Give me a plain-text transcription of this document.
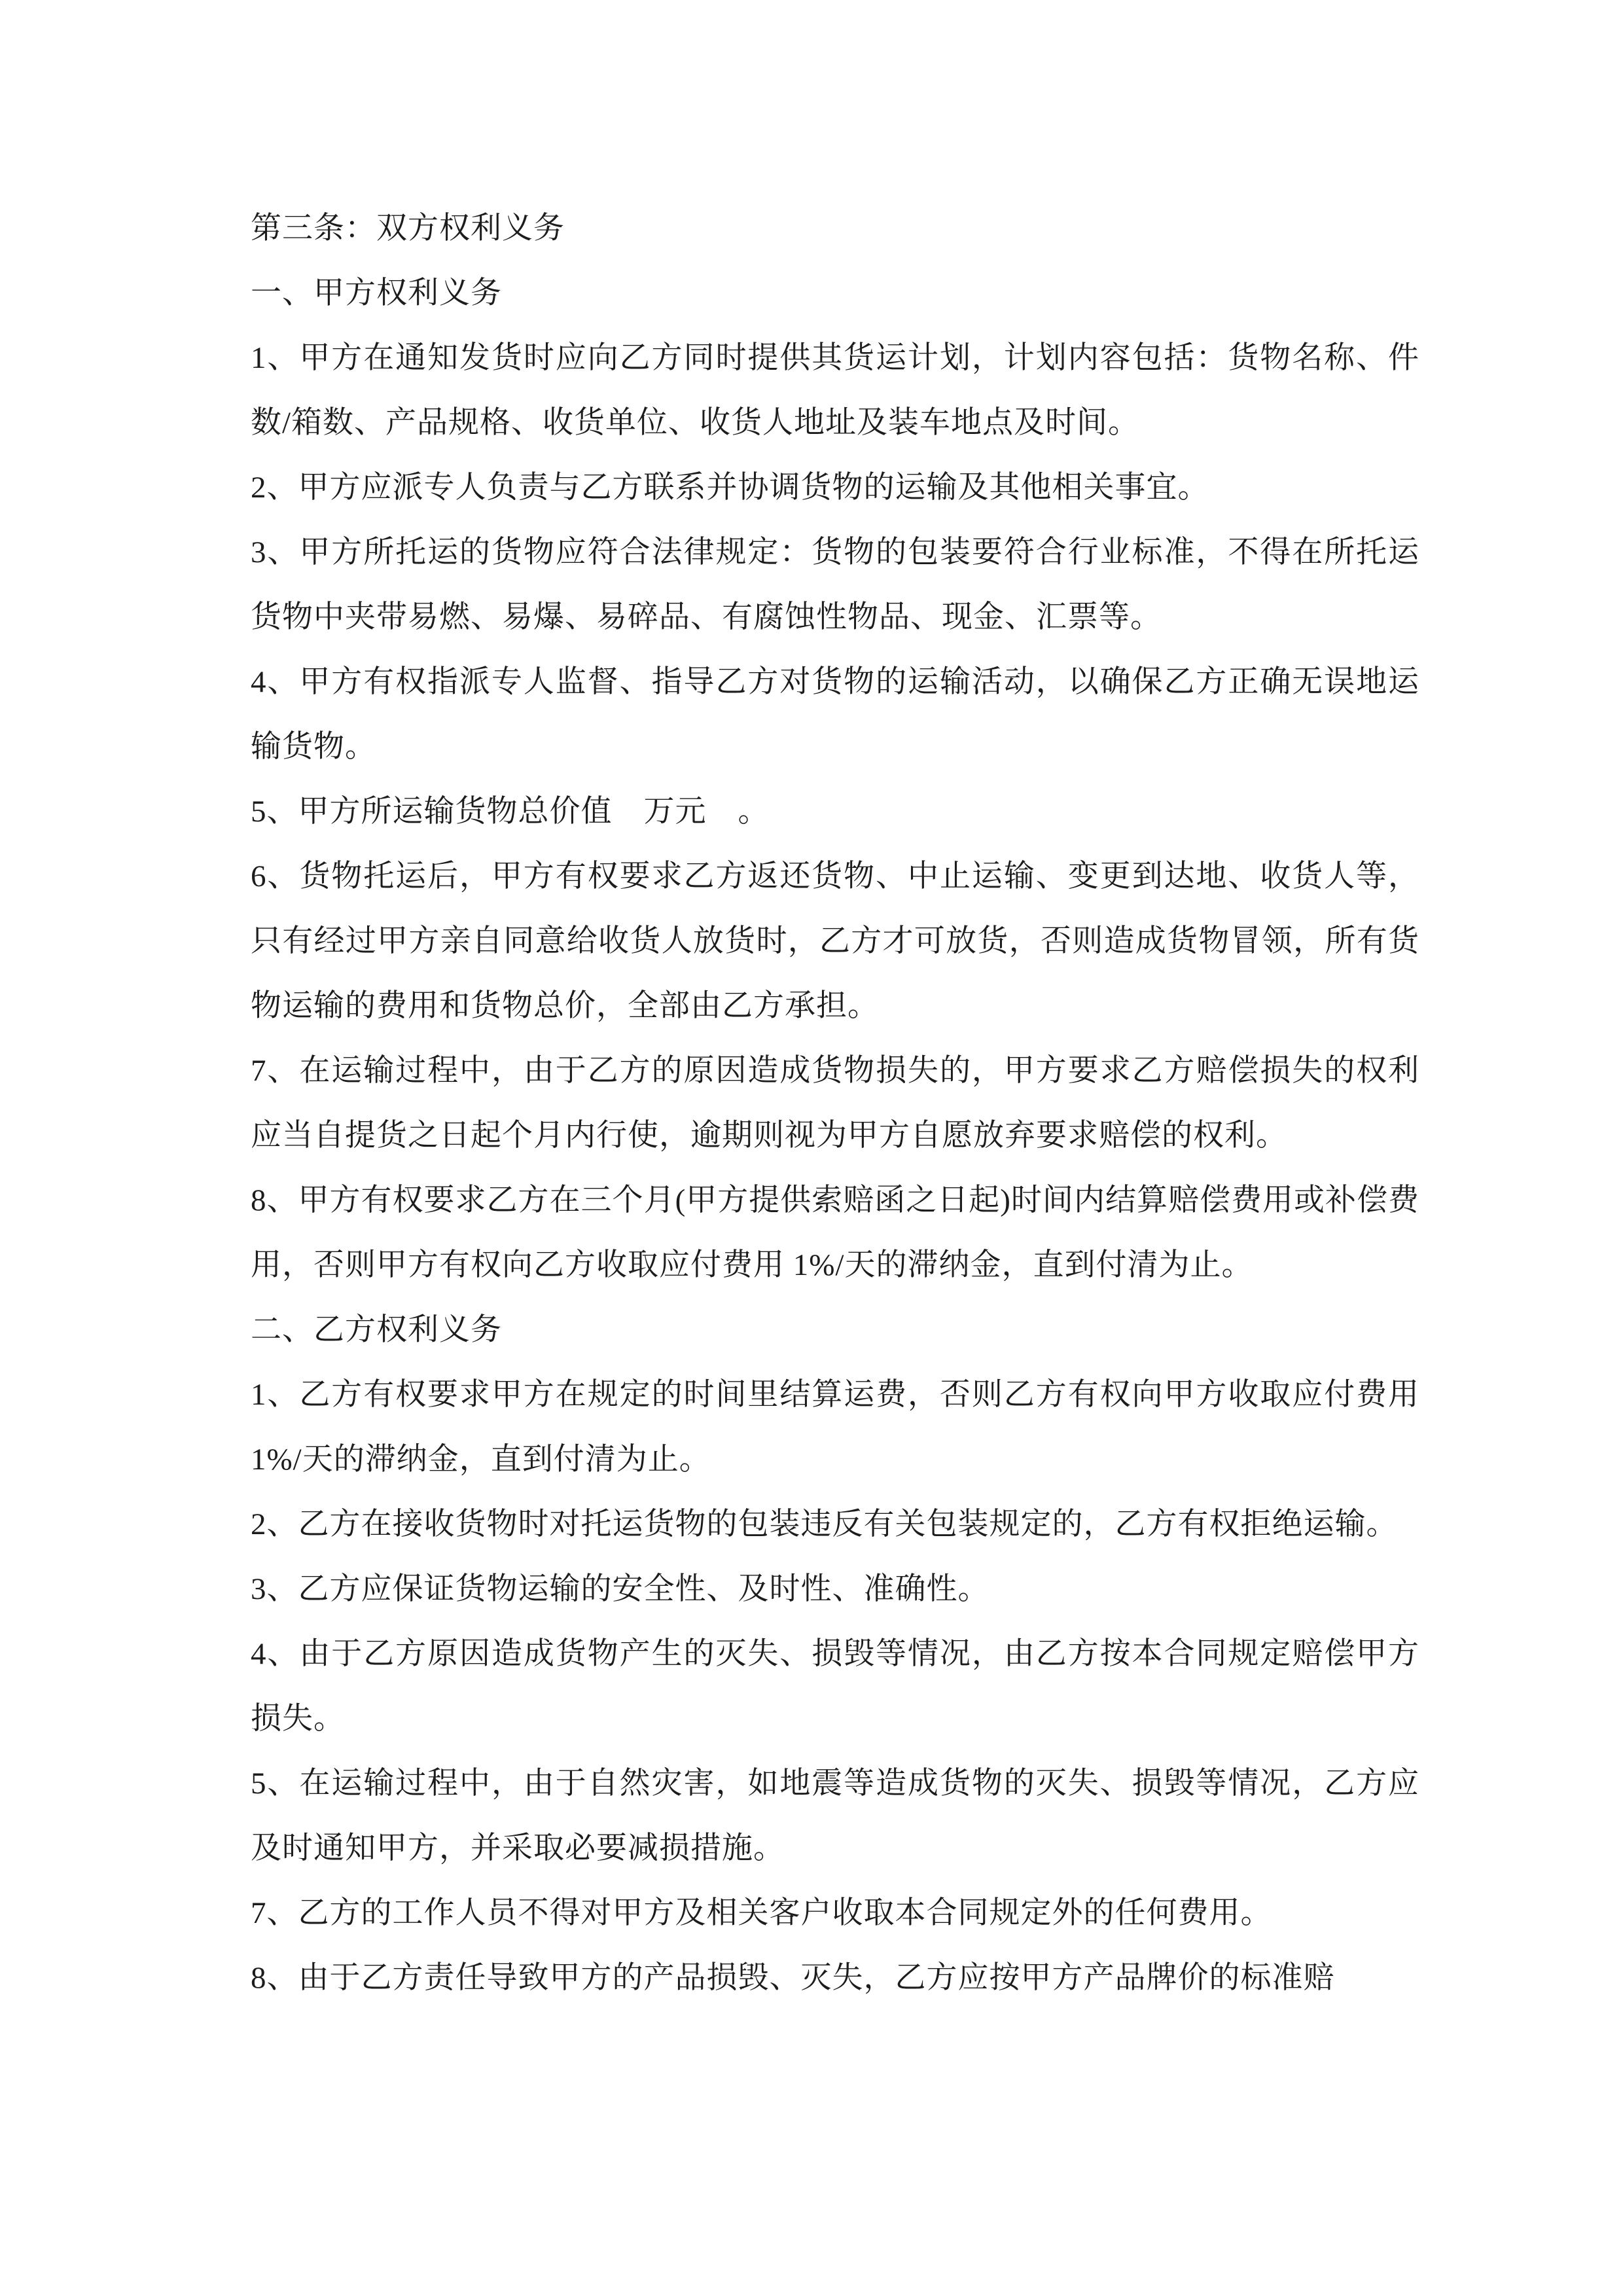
第三条：双方权利义务

一、甲方权利义务

1、甲方在通知发货时应向乙方同时提供其货运计划，计划内容包括：货物名称、件数/箱数、产品规格、收货单位、收货人地址及装车地点及时间。

2、甲方应派专人负责与乙方联系并协调货物的运输及其他相关事宜。

3、甲方所托运的货物应符合法律规定：货物的包装要符合行业标准，不得在所托运货物中夹带易燃、易爆、易碎品、有腐蚀性物品、现金、汇票等。

4、甲方有权指派专人监督、指导乙方对货物的运输活动，以确保乙方正确无误地运输货物。

5、甲方所运输货物总价值　万元　。

6、货物托运后，甲方有权要求乙方返还货物、中止运输、变更到达地、收货人等，只有经过甲方亲自同意给收货人放货时，乙方才可放货，否则造成货物冒领，所有货物运输的费用和货物总价，全部由乙方承担。

7、在运输过程中，由于乙方的原因造成货物损失的，甲方要求乙方赔偿损失的权利应当自提货之日起个月内行使，逾期则视为甲方自愿放弃要求赔偿的权利。

8、甲方有权要求乙方在三个月(甲方提供索赔函之日起)时间内结算赔偿费用或补偿费用，否则甲方有权向乙方收取应付费用 1%/天的滞纳金，直到付清为止。

二、乙方权利义务

1、乙方有权要求甲方在规定的时间里结算运费，否则乙方有权向甲方收取应付费用 1%/天的滞纳金，直到付清为止。

2、乙方在接收货物时对托运货物的包装违反有关包装规定的，乙方有权拒绝运输。

3、乙方应保证货物运输的安全性、及时性、准确性。

4、由于乙方原因造成货物产生的灭失、损毁等情况，由乙方按本合同规定赔偿甲方损失。

5、在运输过程中，由于自然灾害，如地震等造成货物的灭失、损毁等情况，乙方应及时通知甲方，并采取必要减损措施。

7、乙方的工作人员不得对甲方及相关客户收取本合同规定外的任何费用。

8、由于乙方责任导致甲方的产品损毁、灭失，乙方应按甲方产品牌价的标准赔
